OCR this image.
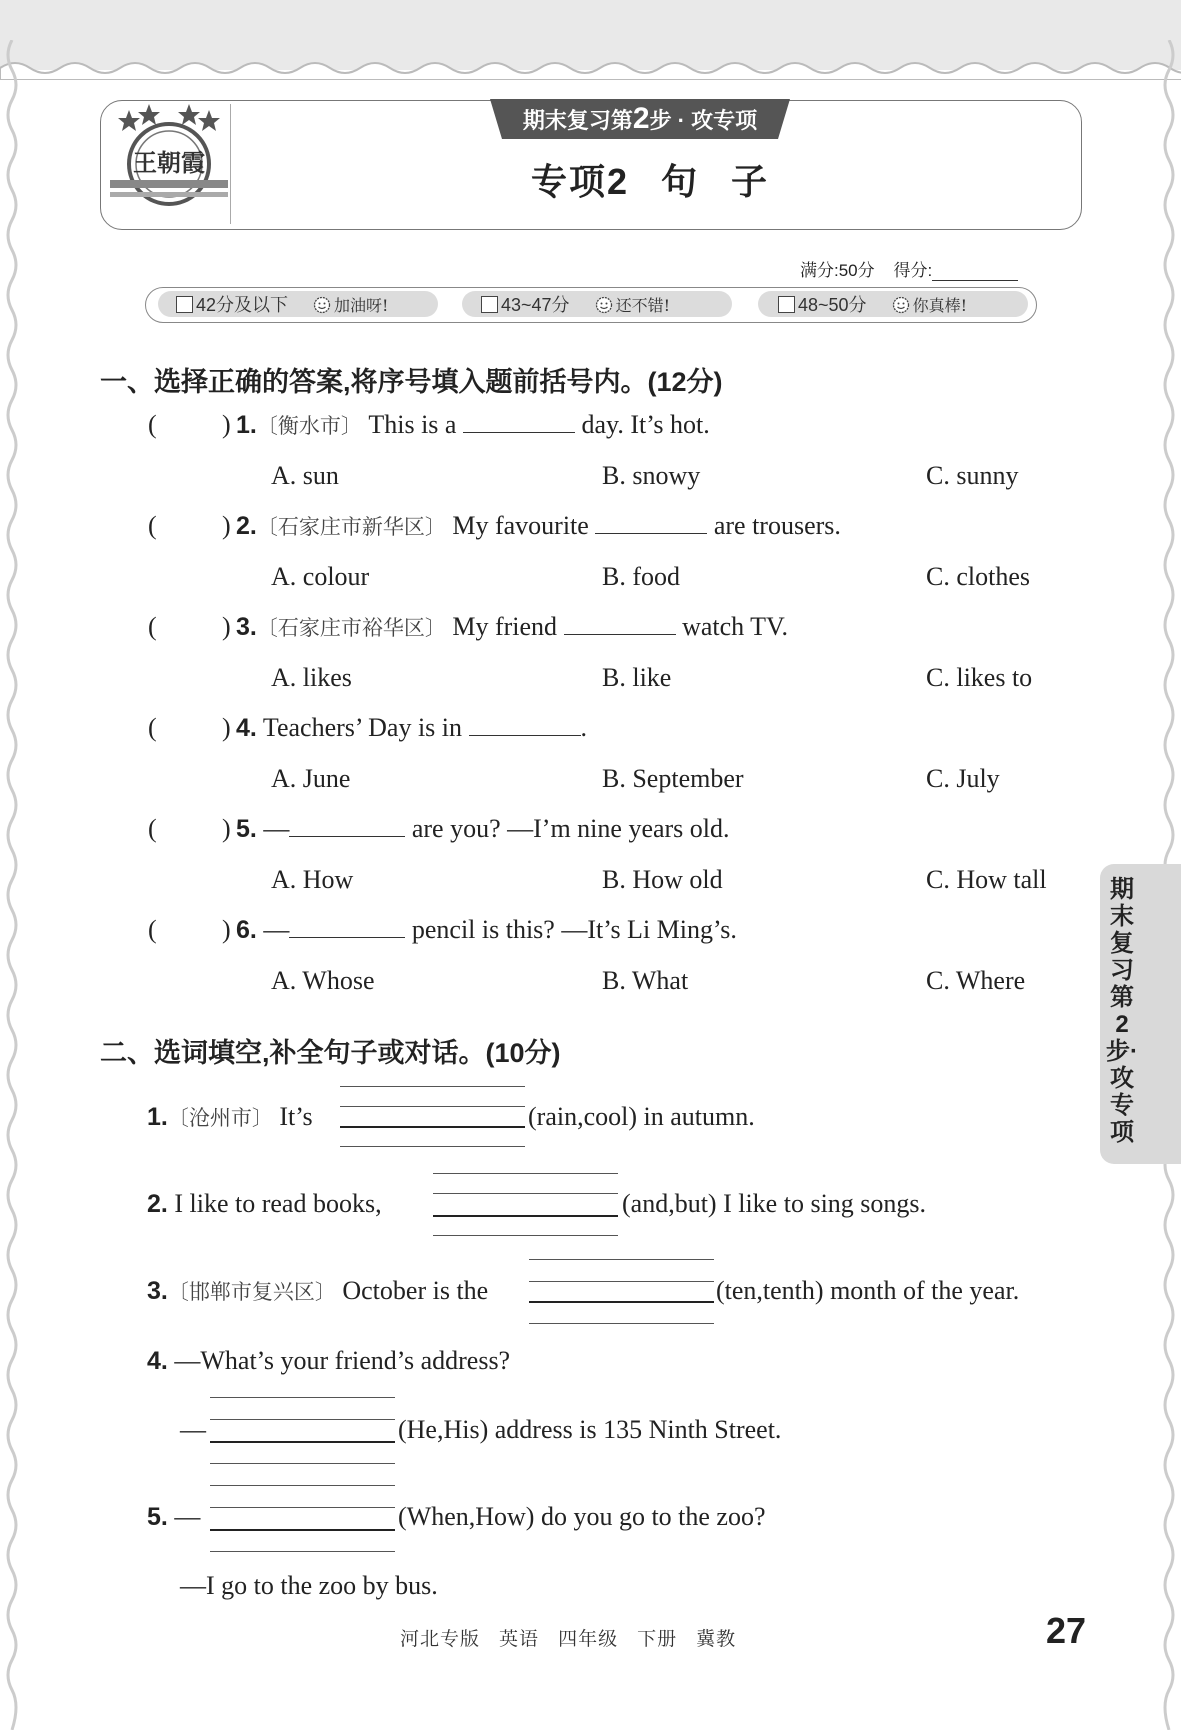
王朝霞
期末复习第2步 · 攻专项
专项2 句 子
满分:50分 得分:
42分及以下	加油呀!	43~47分	还不错!	48~50分	你真棒!
一、选择正确的答案,将序号填入题前括号内。(12分)
(	) 1.〔衡水市〕 This is a	day. It’s hot.
A. sun	B. snowy	C. sunny
(	) 2.〔石家庄市新华区〕 My favourite	are trousers.
A. colour	B. food	C. clothes
(	) 3.〔石家庄市裕华区〕 My friend	watch TV.
A. likes	B. like	C. likes to
(	) 4. Teachers’ Day is in	.
A. June	B. September	C. July
(	) 5. —	are you? —I’m nine years old.
A. How	B. How old	C. How tall
(	) 6. —	pencil is this? —It’s Li Ming’s.
A. Whose	B. What	C. Where
二、选词填空,补全句子或对话。(10分)
1.〔沧州市〕 It’s	(rain,cool) in autumn.
2. I like to read books,	(and,but) I like to sing songs.
3.〔邯郸市复兴区〕 October is the	(ten,tenth) month of the year.
4. —What’s your friend’s address?
—	(He,His) address is 135 Ninth Street.
5. —	(When,How) do you go to the zoo?
—I go to the zoo by bus.
期末复习第2步·攻专项
河北专版 英语 四年级 下册 冀教	27
